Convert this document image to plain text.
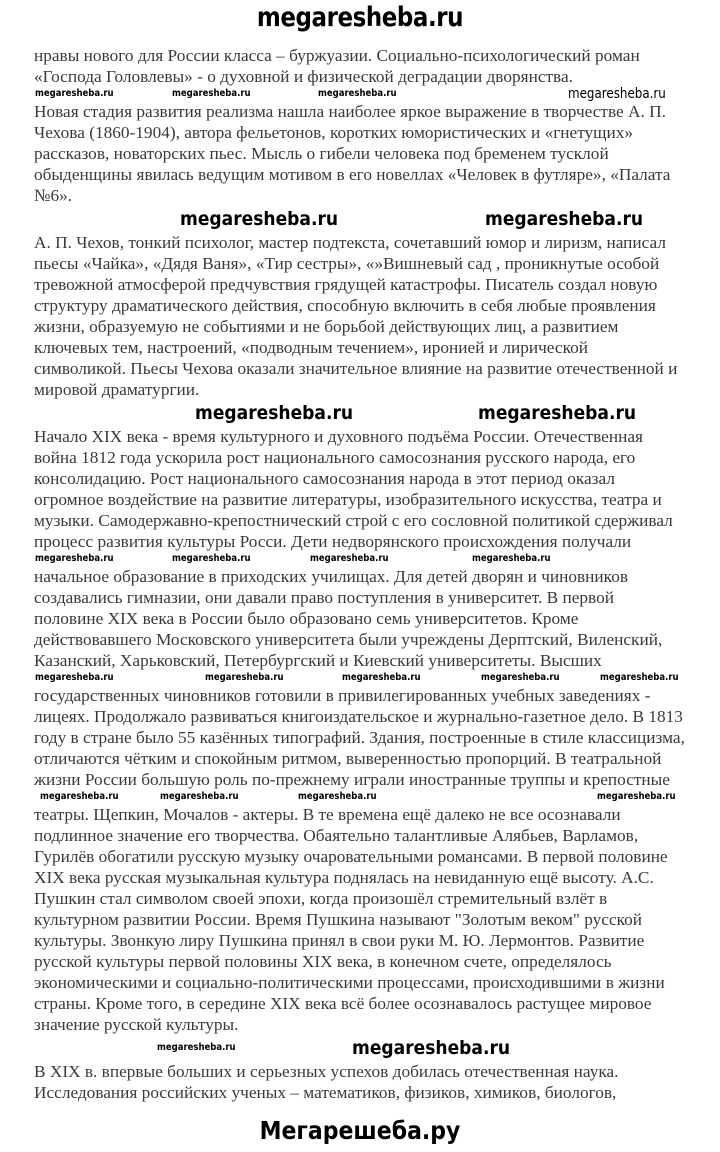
megaresheba.ru
нравы нового для России класса – буржуазии. Социально-психологический роман
«Господа Головлевы» - о духовной и физической деградации дворянства.
megaresheba.ru	megaresheba.ru	megaresheba.ru	megaresheba.ru
Новая стадия развития реализма нашла наиболее яркое выражение в творчестве А. П.
Чехова (1860-1904), автора фельетонов, коротких юмористических и «гнетущих»
рассказов, новаторских пьес. Мысль о гибели человека под бременем тусклой
обыденщины явилась ведущим мотивом в его новеллах «Человек в футляре», «Палата
№6».
megaresheba.ru	megaresheba.ru
А. П. Чехов, тонкий психолог, мастер подтекста, сочетавший юмор и лиризм, написал
пьесы «Чайка», «Дядя Ваня», «Тир сестры», «»Вишневый сад , проникнутые особой
тревожной атмосферой предчувствия грядущей катастрофы. Писатель создал новую
структуру драматического действия, способную включить в себя любые проявления
жизни, образуемую не событиями и не борьбой действующих лиц, а развитием
ключевых тем, настроений, «подводным течением», иронией и лирической
символикой. Пьесы Чехова оказали значительное влияние на развитие отечественной и
мировой драматургии.
megaresheba.ru	megaresheba.ru
Начало XIX века - время культурного и духовного подъёма России. Отечественная
война 1812 года ускорила рост национального самосознания русского народа, его
консолидацию. Рост национального самосознания народа в этот период оказал
огромное воздействие на развитие литературы, изобразительного искусства, театра и
музыки. Самодержавно-крепостнический строй с его сословной политикой сдерживал
процесс развития культуры Росси. Дети недворянского происхождения получали
megaresheba.ru	megaresheba.ru	megaresheba.ru	megaresheba.ru
начальное образование в приходских училищах. Для детей дворян и чиновников
создавались гимназии, они давали право поступления в университет. В первой
половине XIX века в России было образовано семь университетов. Кроме
действовавшего Московского университета были учреждены Дерптский, Виленский,
Казанский, Харьковский, Петербургский и Киевский университеты. Высших
megaresheba.ru	megaresheba.ru	megaresheba.ru	megaresheba.ru	megaresheba.ru
государственных чиновников готовили в привилегированных учебных заведениях -
лицеях. Продолжало развиваться книгоиздательское и журнально-газетное дело. В 1813
году в стране было 55 казённых типографий. Здания, построенные в стиле классицизма,
отличаются чётким и спокойным ритмом, выверенностью пропорций. В театральной
жизни России большую роль по-прежнему играли иностранные труппы и крепостные
megaresheba.ru	megaresheba.ru	megaresheba.ru	megaresheba.ru
театры. Щепкин, Мочалов - актеры. В те времена ещё далеко не все осознавали
подлинное значение его творчества. Обаятельно талантливые Алябьев, Варламов,
Гурилёв обогатили русскую музыку очаровательными романсами. В первой половине
XIX века русская музыкальная культура поднялась на невиданную ещё высоту. А.С.
Пушкин стал символом своей эпохи, когда произошёл стремительный взлёт в
культурном развитии России. Время Пушкина называют "Золотым веком" русской
культуры. Звонкую лиру Пушкина принял в свои руки М. Ю. Лермонтов. Развитие
русской культуры первой половины XIX века, в конечном счете, определялось
экономическими и социально-политическими процессами, происходившими в жизни
страны. Кроме того, в середине XIX века всё более осознавалось растущее мировое
значение русской культуры.
megaresheba.ru	megaresheba.ru
В XIX в. впервые больших и серьезных успехов добилась отечественная наука.
Исследования российских ученых – математиков, физиков, химиков, биологов,
Мегарешеба.ру
